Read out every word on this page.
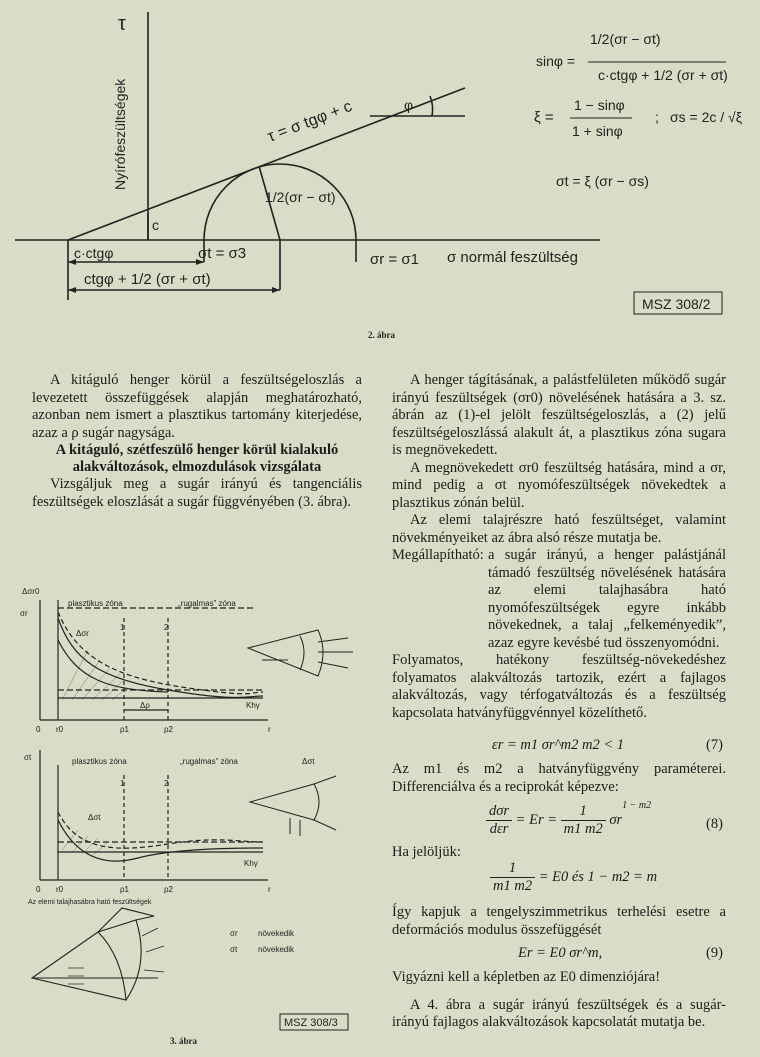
τ
Nyírófeszültségek	τ = σ tgφ + c	φ
c
1/2(σr − σt)
c·ctgφ	σt = σ3	σr = σ1 σ normál feszültség
ctgφ + 1/2 (σr + σt)
sinφ =
1/2(σr − σt)
c·ctgφ + 1/2 (σr + σt)
ξ =
1 − sinφ
1 + sinφ
σs = 2c / √ξ
σt = ξ (σr − σs)
;
MSZ 308/2
2. ábra

A kitáguló henger körül a feszültségeloszlás a levezetett összefüggések alapján meghatározható, azonban nem ismert a plasztikus tartomány kiterjedése, azaz a ρ sugár nagysága.

A kitáguló, szétfeszülő henger körül kialakuló alakváltozások, elmozdulások vizsgálata

Vizsgáljuk meg a sugár irányú és tangenciális feszültségek eloszlását a sugár függvényében (3. ábra).

σr
Δσr0
plasztikus zóna	„rugalmas” zóna
Δσr
1	2
Δρ	Khγ
0 r0	ρ1	ρ2	r
σt	plasztikus zóna	„rugalmas” zóna
Δσt
Δσt
1	2
Khγ
0 r0	ρ1	ρ2	r
Az elemi talajhasábra ható feszültségek
σr	növekedik
σt	növekedik
MSZ 308/3
3. ábra

A henger tágításának, a palástfelületen működő sugár irányú feszültségek (σr0) növelésének hatására a 3. sz. ábrán az (1)-el jelölt feszültségeloszlás, a (2) jelű feszültségeloszlássá alakult át, a plasztikus zóna sugara is megnövekedett.

A megnövekedett σr0 feszültség hatására, mind a σr, mind pedig a σt nyomófeszültségek növekedtek a plasztikus zónán belül.

Az elemi talajrészre ható feszültséget, valamint növekményeiket az ábra alsó része mutatja be.

Megállapítható: a sugár irányú, a henger palástjánál támadó feszültség növelésének hatására az elemi talajhasábra ható nyomófeszültségek egyre inkább növekednek, a talaj „felkeményedik”, azaz egyre kevésbé tud összenyomódni.

Folyamatos, hatékony feszültség-növekedéshez folyamatos alakváltozás tartozik, ezért a fajlagos alakváltozás, vagy térfogatváltozás és a feszültség kapcsolata hatványfüggvénnyel közelíthető.

εr = m1 σr^m2 m2 < 1	(7)

Az m1 és m2 a hatványfüggvény paraméterei. Differenciálva és a reciprokát képezve:

$\frac{\text{dσr}}{\text{dεr}} = Er = \frac{1}{m1 m2} \sigma r^{1 - m2}$
(8)

Ha jelöljük:

$\frac{1}{m1 m2} = E0$ és 1 − m2 = m

Így kapjuk a tengelyszimmetrikus terhelési esetre a deformációs modulus összefüggését

Er = E0 σr^m,	(9)

Vigyázni kell a képletben az E0 dimenziójára!

A 4. ábra a sugár irányú feszültségek és a sugár-irányú fajlagos alakváltozások kapcsolatát mutatja be.
